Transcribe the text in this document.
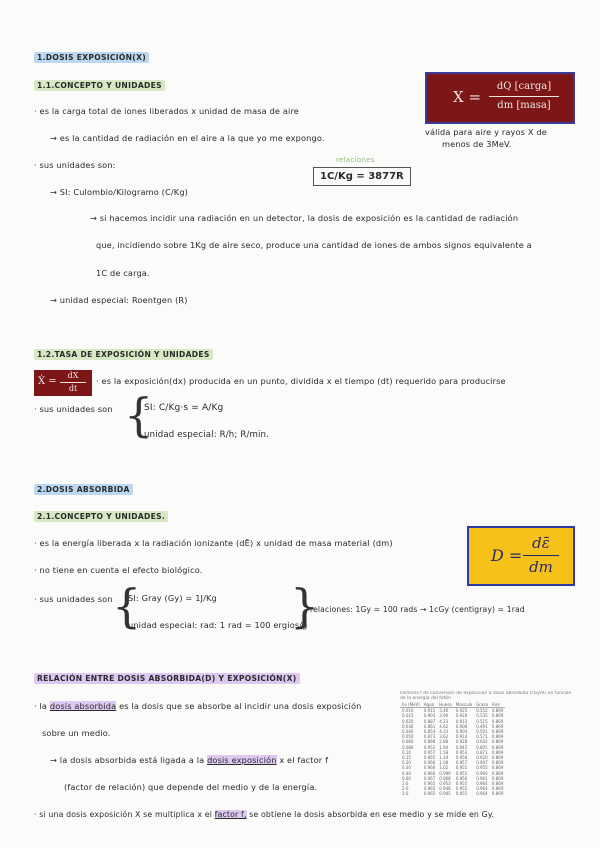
1.DOSIS EXPOSICIÓN(X)
1.1.CONCEPTO Y UNIDADES
· es la carga total de iones liberados x unidad de masa de aire
→ es la cantidad de radiación en el aire a la que yo me expongo.
X =
dQ [carga]
dm [masa]
válida para aire y rayos X de
menos de 3MeV.
· sus unidades son:	relaciones
1C/Kg = 3877R
→ SI: Culombio/Kilogramo (C/Kg)
→ si hacemos incidir una radiación en un detector, la dosis de exposición es la cantidad de radiación
que, incidiendo sobre 1Kg de aire seco, produce una cantidad de iones de ambos signos equivalente a
1C de carga.
→ unidad especial: Roentgen (R)
1.2.TASA DE EXPOSICIÓN Y UNIDADES
Ẋ =
dX
dt
· es la exposición(dx) producida en un punto, dividida x el tiempo (dt) requerido para producirse
· sus unidades son {
SI: C/Kg·s = A/Kg
unidad especial: R/h; R/min.
2.DOSIS ABSORBIDA
2.1.CONCEPTO Y UNIDADES.
D =
dε̄
dm
· es la energía liberada x la radiación ionizante (dĒ) x unidad de masa material (dm)
· no tiene en cuenta el efecto biológico.
· sus unidades son {
SI: Gray (Gy) = 1J/Kg
unidad especial: rad: 1 rad = 100 ergios/g
}
relaciones: 1Gy = 100 rads → 1cGy (centigray) = 1rad
RELACIÓN ENTRE DOSIS ABSORBIDA(D) Y EXPOSICIÓN(X)
· la dosis absorbida es la dosis que se absorbe al incidir una dosis exposición
sobre un medio.
→ la dosis absorbida está ligada a la dosis exposición x el factor f
(factor de relación) que depende del medio y de la energía.
· si una dosis exposición X se multiplica x el factor f, se obtiene la dosis absorbida en ese medio y se mide en Gy.
Factores f de conversión de exposición a dosis absorbida (cGy/R) en función de la energía del fotón
hν (MeV)	Agua	Hueso	Músculo	Grasa	Aire
0.010	0.911	3.46	0.925	0.552	0.869
0.015	0.903	3.90	0.920	0.535	0.869
0.020	0.887	4.23	0.913	0.515	0.869
0.030	0.861	4.62	0.906	0.491	0.869
0.040	0.854	4.33	0.904	0.501	0.869
0.050	0.873	3.62	0.914	0.571	0.869
0.060	0.898	2.88	0.928	0.642	0.869
0.080	0.952	1.94	0.945	0.805	0.869
0.10	0.957	1.58	0.953	0.871	0.869
0.15	0.965	1.19	0.958	0.920	0.869
0.20	0.966	1.08	0.957	0.947	0.869
0.30	0.966	1.02	0.955	0.955	0.869
0.40	0.966	0.999	0.955	0.960	0.869
0.60	0.967	0.968	0.956	0.961	0.869
1.0	0.965	0.953	0.955	0.964	0.869
2.0	0.965	0.948	0.955	0.964	0.869
3.0	0.965	0.945	0.955	0.964	0.869
